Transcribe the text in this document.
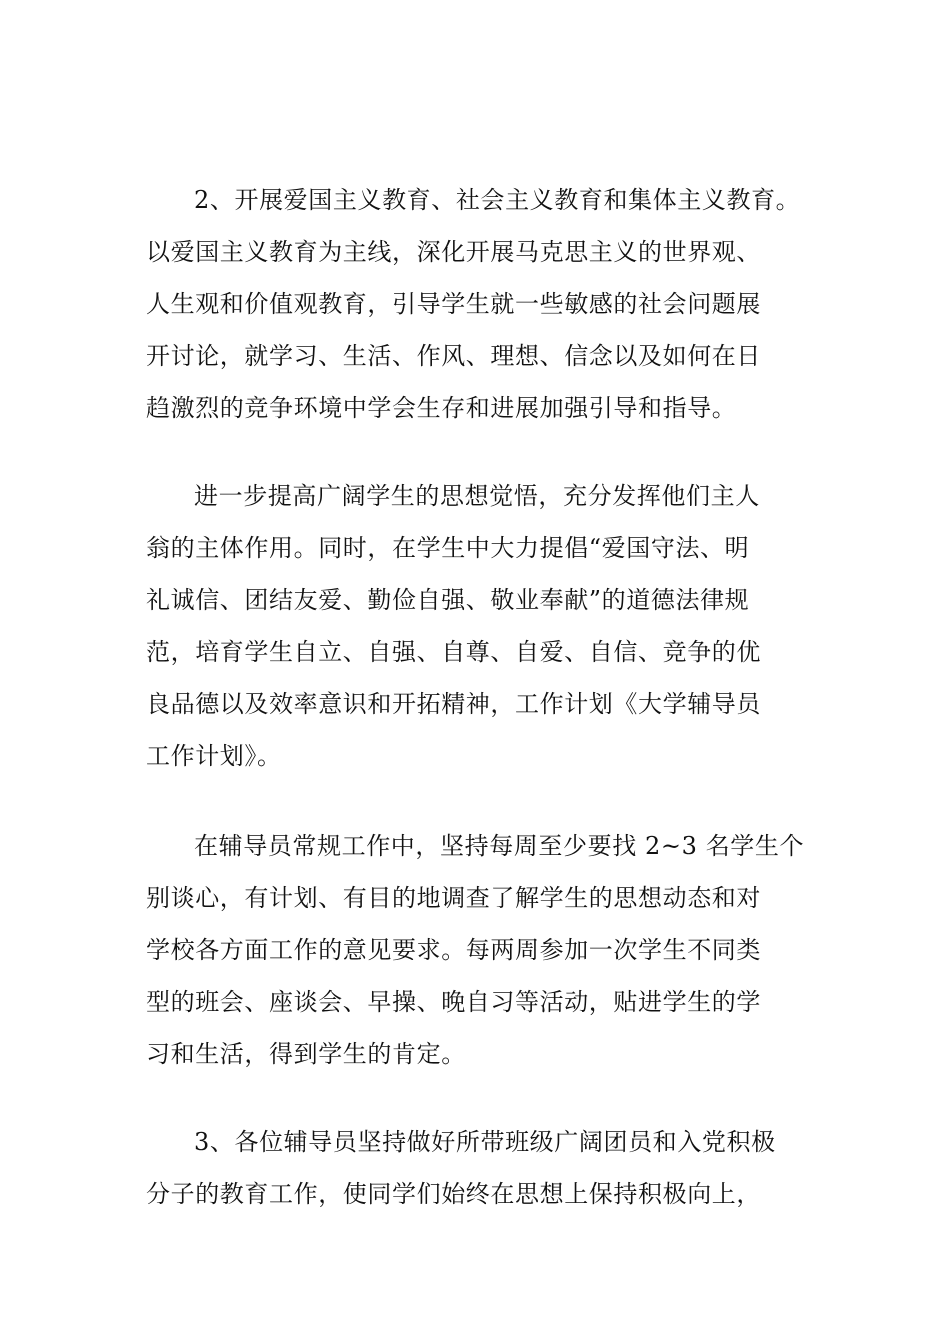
2、开展爱国主义教育、社会主义教育和集体主义教育。
以爱国主义教育为主线，深化开展马克思主义的世界观、
人生观和价值观教育，引导学生就一些敏感的社会问题展
开讨论，就学习、生活、作风、理想、信念以及如何在日
趋激烈的竞争环境中学会生存和进展加强引导和指导。

进一步提高广阔学生的思想觉悟，充分发挥他们主人
翁的主体作用。同时，在学生中大力提倡“爱国守法、明
礼诚信、团结友爱、勤俭自强、敬业奉献”的道德法律规
范，培育学生自立、自强、自尊、自爱、自信、竞争的优
良品德以及效率意识和开拓精神，工作计划《大学辅导员
工作计划》。

在辅导员常规工作中，坚持每周至少要找 2~3 名学生个
别谈心，有计划、有目的地调查了解学生的思想动态和对
学校各方面工作的意见要求。每两周参加一次学生不同类
型的班会、座谈会、早操、晚自习等活动，贴进学生的学
习和生活，得到学生的肯定。

3、各位辅导员坚持做好所带班级广阔团员和入党积极
分子的教育工作，使同学们始终在思想上保持积极向上，
